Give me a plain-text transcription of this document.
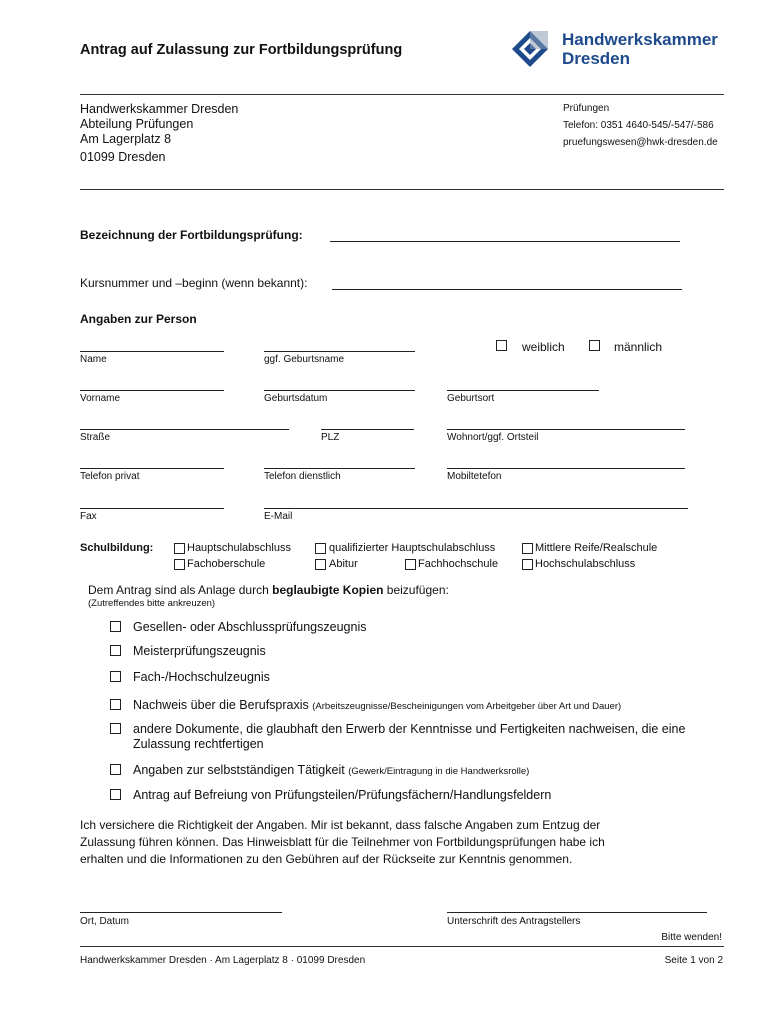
Antrag auf Zulassung zur Fortbildungsprüfung
Handwerkskammer
Dresden
Handwerkskammer Dresden
Abteilung Prüfungen
Am Lagerplatz 8
01099 Dresden
Prüfungen
Telefon: 0351 4640-545/-547/-586
pruefungswesen@hwk-dresden.de
Bezeichnung der Fortbildungsprüfung:
Kursnummer und –beginn (wenn bekannt):
Angaben zur Person
weiblich	männlich
Name	ggf. Geburtsname
Vorname	Geburtsdatum	Geburtsort
Straße	PLZ	Wohnort/ggf. Ortsteil
Telefon privat	Telefon dienstlich	Mobiltetefon
Fax	E-Mail
Schulbildung:	Hauptschulabschluss	qualifizierter Hauptschulabschluss	Mittlere Reife/Realschule
Fachoberschule	Abitur	Fachhochschule	Hochschulabschluss
Dem Antrag sind als Anlage durch beglaubigte Kopien beizufügen:
(Zutreffendes bitte ankreuzen)
Gesellen- oder Abschlussprüfungszeugnis
Meisterprüfungszeugnis
Fach-/Hochschulzeugnis
Nachweis über die Berufspraxis (Arbeitszeugnisse/Bescheinigungen vom Arbeitgeber über Art und Dauer)
andere Dokumente, die glaubhaft den Erwerb der Kenntnisse und Fertigkeiten nachweisen, die eine
Zulassung rechtfertigen
Angaben zur selbstständigen Tätigkeit (Gewerk/Eintragung in die Handwerksrolle)
Antrag auf Befreiung von Prüfungsteilen/Prüfungsfächern/Handlungsfeldern
Ich versichere die Richtigkeit der Angaben. Mir ist bekannt, dass falsche Angaben zum Entzug der
Zulassung führen können. Das Hinweisblatt für die Teilnehmer von Fortbildungsprüfungen habe ich
erhalten und die Informationen zu den Gebühren auf der Rückseite zur Kenntnis genommen.
Ort, Datum	Unterschrift des Antragstellers
Bitte wenden!
Handwerkskammer Dresden · Am Lagerplatz 8 · 01099 Dresden	Seite 1 von 2
